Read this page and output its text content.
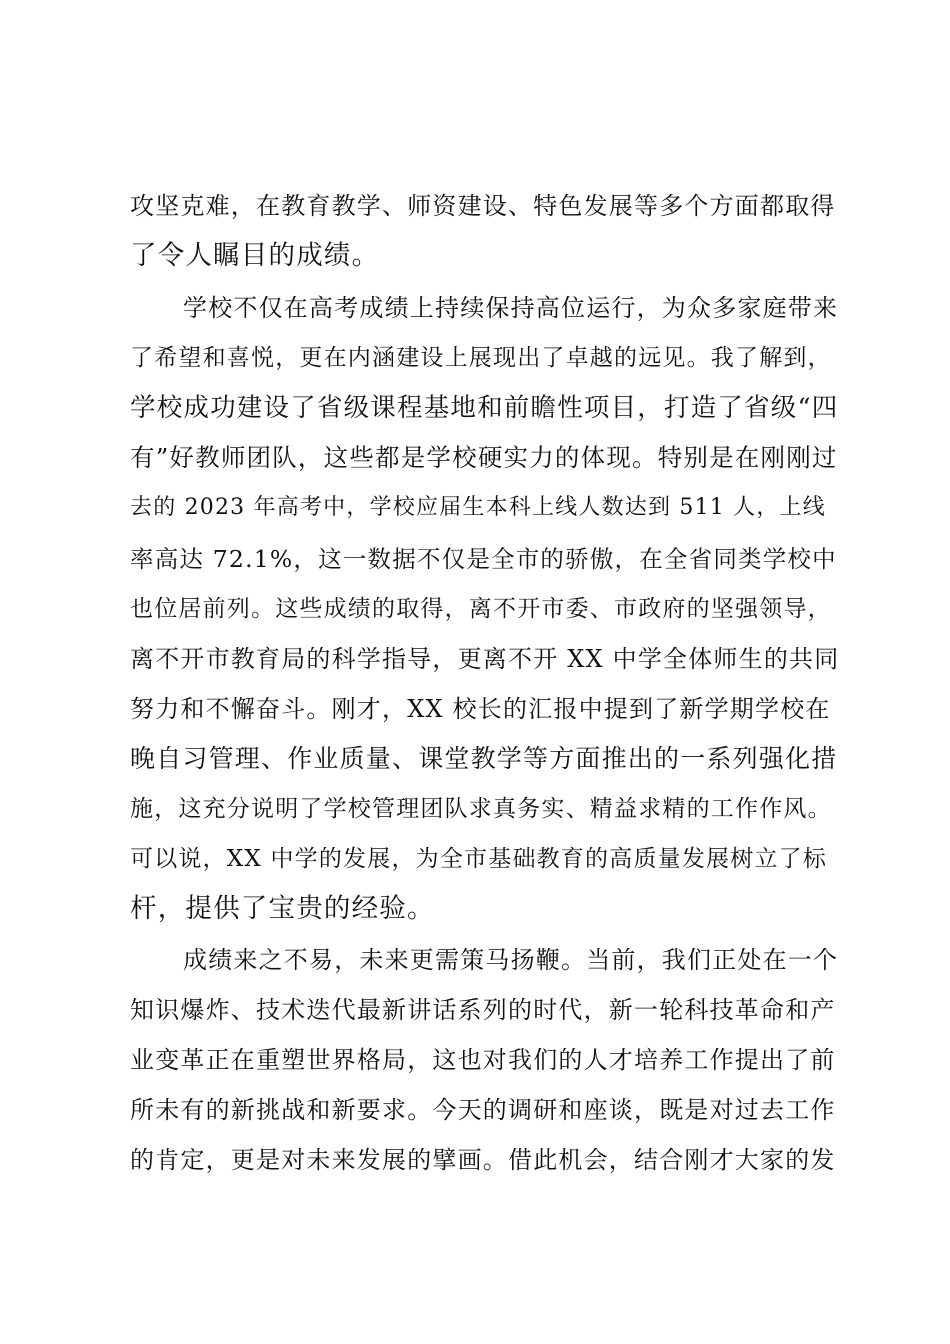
攻坚克难，在教育教学、师资建设、特色发展等多个方面都取得
了令人瞩目的成绩。
学校不仅在高考成绩上持续保持高位运行，为众多家庭带来
了希望和喜悦，更在内涵建设上展现出了卓越的远见。我了解到，
学校成功建设了省级课程基地和前瞻性项目，打造了省级“四
有”好教师团队，这些都是学校硬实力的体现。特别是在刚刚过
去的 2023 年高考中，学校应届生本科上线人数达到 511 人，上线
率高达 72.1%，这一数据不仅是全市的骄傲，在全省同类学校中
也位居前列。这些成绩的取得，离不开市委、市政府的坚强领导，
离不开市教育局的科学指导，更离不开 XX 中学全体师生的共同
努力和不懈奋斗。刚才，XX 校长的汇报中提到了新学期学校在
晚自习管理、作业质量、课堂教学等方面推出的一系列强化措
施，这充分说明了学校管理团队求真务实、精益求精的工作作风。
可以说，XX 中学的发展，为全市基础教育的高质量发展树立了标
杆，提供了宝贵的经验。
成绩来之不易，未来更需策马扬鞭。当前，我们正处在一个
知识爆炸、技术迭代最新讲话系列的时代，新一轮科技革命和产
业变革正在重塑世界格局，这也对我们的人才培养工作提出了前
所未有的新挑战和新要求。今天的调研和座谈，既是对过去工作
的肯定，更是对未来发展的擘画。借此机会，结合刚才大家的发
